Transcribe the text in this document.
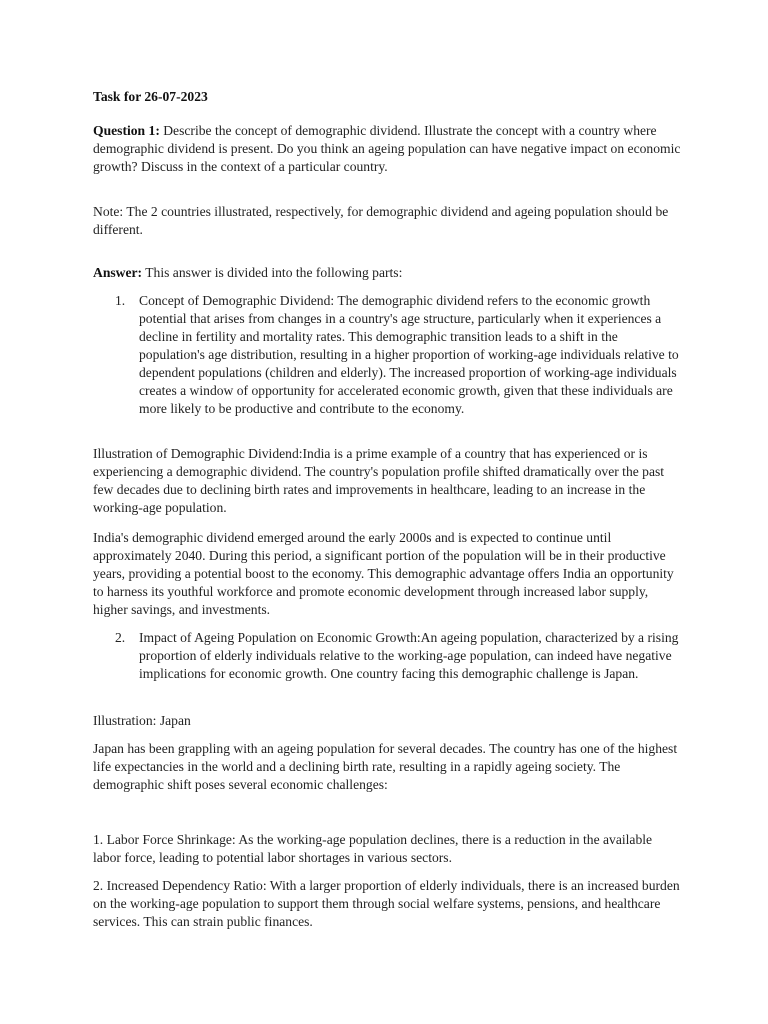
Task for 26-07-2023

Question 1: Describe the concept of demographic dividend. Illustrate the concept with a country where demographic dividend is present. Do you think an ageing population can have negative impact on economic growth? Discuss in the context of a particular country.

Note: The 2 countries illustrated, respectively, for demographic dividend and ageing population should be different.

Answer: This answer is divided into the following parts:

1.	Concept of Demographic Dividend: The demographic dividend refers to the economic growth potential that arises from changes in a country's age structure, particularly when it experiences a decline in fertility and mortality rates. This demographic transition leads to a shift in the population's age distribution, resulting in a higher proportion of working-age individuals relative to dependent populations (children and elderly). The increased proportion of working-age individuals creates a window of opportunity for accelerated economic growth, given that these individuals are more likely to be productive and contribute to the economy.

Illustration of Demographic Dividend:India is a prime example of a country that has experienced or is experiencing a demographic dividend. The country's population profile shifted dramatically over the past few decades due to declining birth rates and improvements in healthcare, leading to an increase in the working-age population.

India's demographic dividend emerged around the early 2000s and is expected to continue until approximately 2040. During this period, a significant portion of the population will be in their productive years, providing a potential boost to the economy. This demographic advantage offers India an opportunity to harness its youthful workforce and promote economic development through increased labor supply, higher savings, and investments.

2.	Impact of Ageing Population on Economic Growth:An ageing population, characterized by a rising proportion of elderly individuals relative to the working-age population, can indeed have negative implications for economic growth. One country facing this demographic challenge is Japan.

Illustration: Japan

Japan has been grappling with an ageing population for several decades. The country has one of the highest life expectancies in the world and a declining birth rate, resulting in a rapidly ageing society. The demographic shift poses several economic challenges:

1. Labor Force Shrinkage: As the working-age population declines, there is a reduction in the available labor force, leading to potential labor shortages in various sectors.

2. Increased Dependency Ratio: With a larger proportion of elderly individuals, there is an increased burden on the working-age population to support them through social welfare systems, pensions, and healthcare services. This can strain public finances.
